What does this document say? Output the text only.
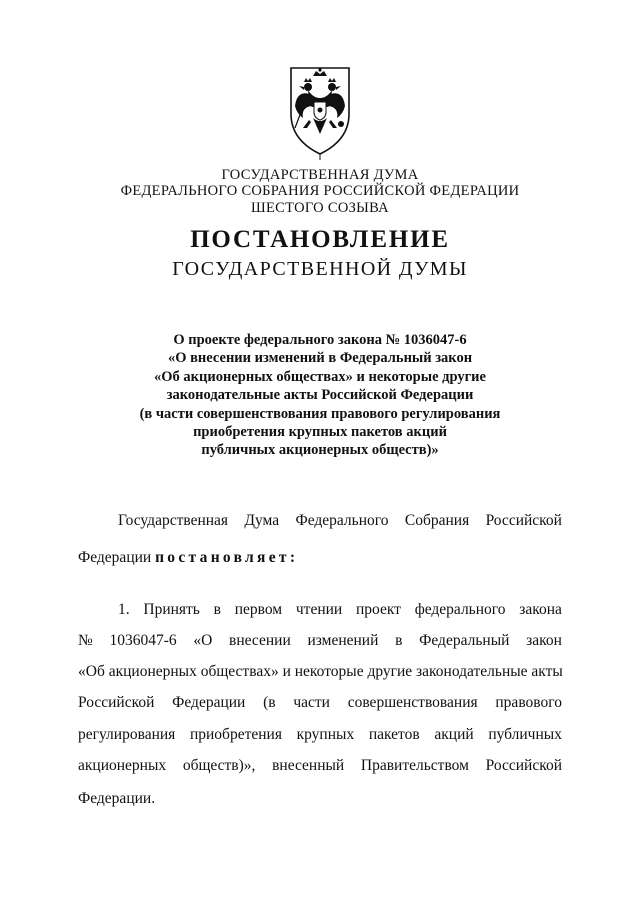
ГОСУДАРСТВЕННАЯ ДУМА
ФЕДЕРАЛЬНОГО СОБРАНИЯ РОССИЙСКОЙ ФЕДЕРАЦИИ
ШЕСТОГО СОЗЫВА
ПОСТАНОВЛЕНИЕ
ГОСУДАРСТВЕННОЙ ДУМЫ
О проекте федерального закона № 1036047-6
«О внесении изменений в Федеральный закон
«Об акционерных обществах» и некоторые другие
законодательные акты Российской Федерации
(в части совершенствования правового регулирования
приобретения крупных пакетов акций
публичных акционерных обществ)»
Государственная Дума Федерального Собрания Российской
Федерации постановляет:
1. Принять в первом чтении проект федерального закона
№ 1036047-6 «О внесении изменений в Федеральный закон
«Об акционерных обществах» и некоторые другие законодательные акты
Российской Федерации (в части совершенствования правового
регулирования приобретения крупных пакетов акций публичных
акционерных обществ)», внесенный Правительством Российской
Федерации.
